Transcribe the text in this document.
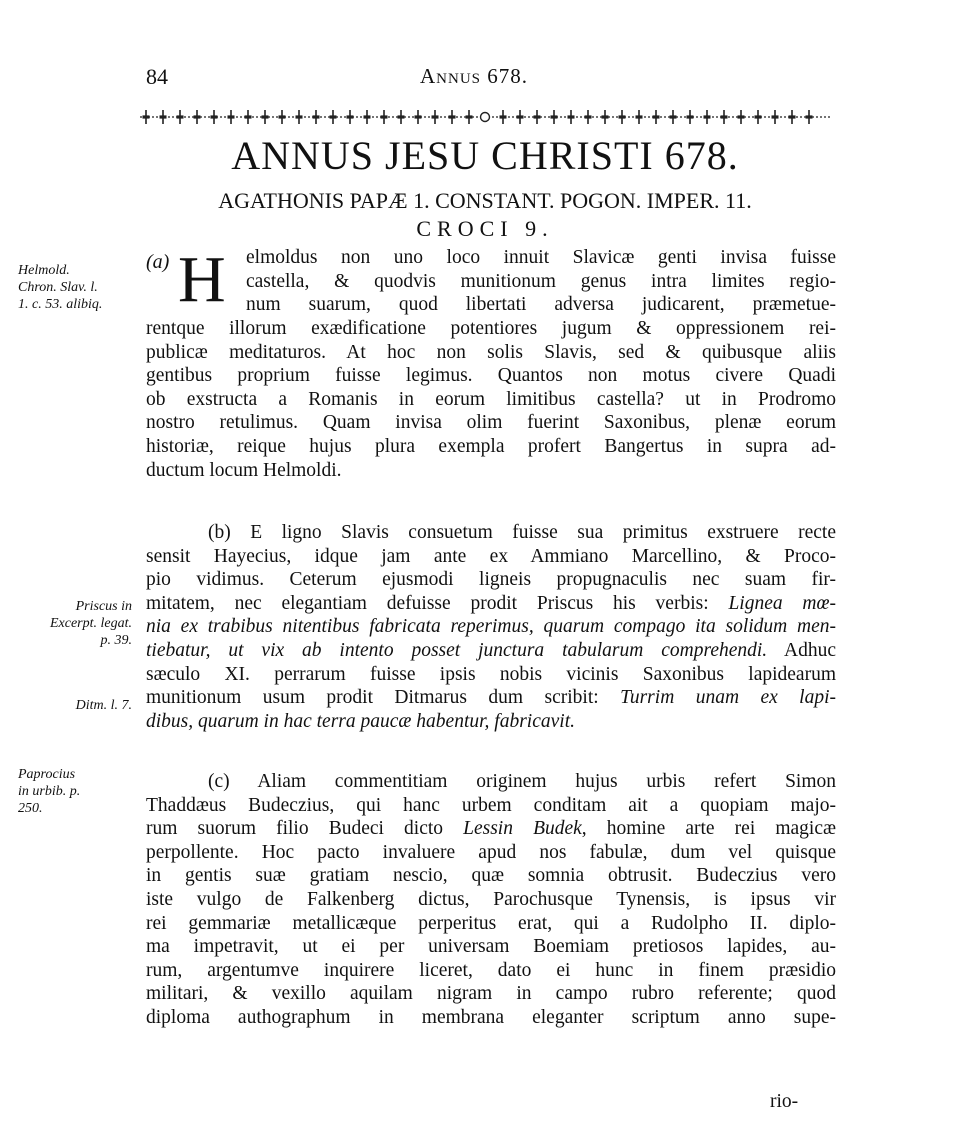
84	Annus 678.
ANNUS JESU CHRISTI 678.
AGATHONIS PAPÆ 1. CONSTANT. POGON. IMPER. 11.
CROCI 9.
Helmold.
Chron. Slav. l.
1. c. 53. alibiq.
Priscus in
Excerpt. legat.
p. 39.
Ditm. l. 7.
Paprocius
in urbib. p.
250.
(a) H elmoldus non uno loco innuit Slavicæ genti invisa fuisse
castella, & quodvis munitionum genus intra limites regio-
num suarum, quod libertati adversa judicarent, præmetue-
rentque illorum exædificatione potentiores jugum & oppressionem rei-
publicæ meditaturos. At hoc non solis Slavis, sed & quibusque aliis
gentibus proprium fuisse legimus. Quantos non motus civere Quadi
ob exstructa a Romanis in eorum limitibus castella? ut in Prodromo
nostro retulimus. Quam invisa olim fuerint Saxonibus, plenæ eorum
historiæ, reique hujus plura exempla profert Bangertus in supra ad-
ductum locum Helmoldi.
(b) E ligno Slavis consuetum fuisse sua primitus exstruere recte
sensit Hayecius, idque jam ante ex Ammiano Marcellino, & Proco-
pio vidimus. Ceterum ejusmodi ligneis propugnaculis nec suam fir-
mitatem, nec elegantiam defuisse prodit Priscus his verbis: Lignea mœ-
nia ex trabibus nitentibus fabricata reperimus, quarum compago ita solidum men-
tiebatur, ut vix ab intento posset junctura tabularum comprehendi. Adhuc
sæculo XI. perrarum fuisse ipsis nobis vicinis Saxonibus lapidearum
munitionum usum prodit Ditmarus dum scribit: Turrim unam ex lapi-
dibus, quarum in hac terra paucæ habentur, fabricavit.
(c) Aliam commentitiam originem hujus urbis refert Simon
Thaddæus Budeczius, qui hanc urbem conditam ait a quopiam majo-
rum suorum filio Budeci dicto Lessin Budek, homine arte rei magicæ
perpollente. Hoc pacto invaluere apud nos fabulæ, dum vel quisque
in gentis suæ gratiam nescio, quæ somnia obtrusit. Budeczius vero
iste vulgo de Falkenberg dictus, Parochusque Tynensis, is ipsus vir
rei gemmariæ metallicæque perperitus erat, qui a Rudolpho II. diplo-
ma impetravit, ut ei per universam Boemiam pretiosos lapides, au-
rum, argentumve inquirere liceret, dato ei hunc in finem præsidio
militari, & vexillo aquilam nigram in campo rubro referente; quod
diploma authographum in membrana eleganter scriptum anno supe-
rio-
